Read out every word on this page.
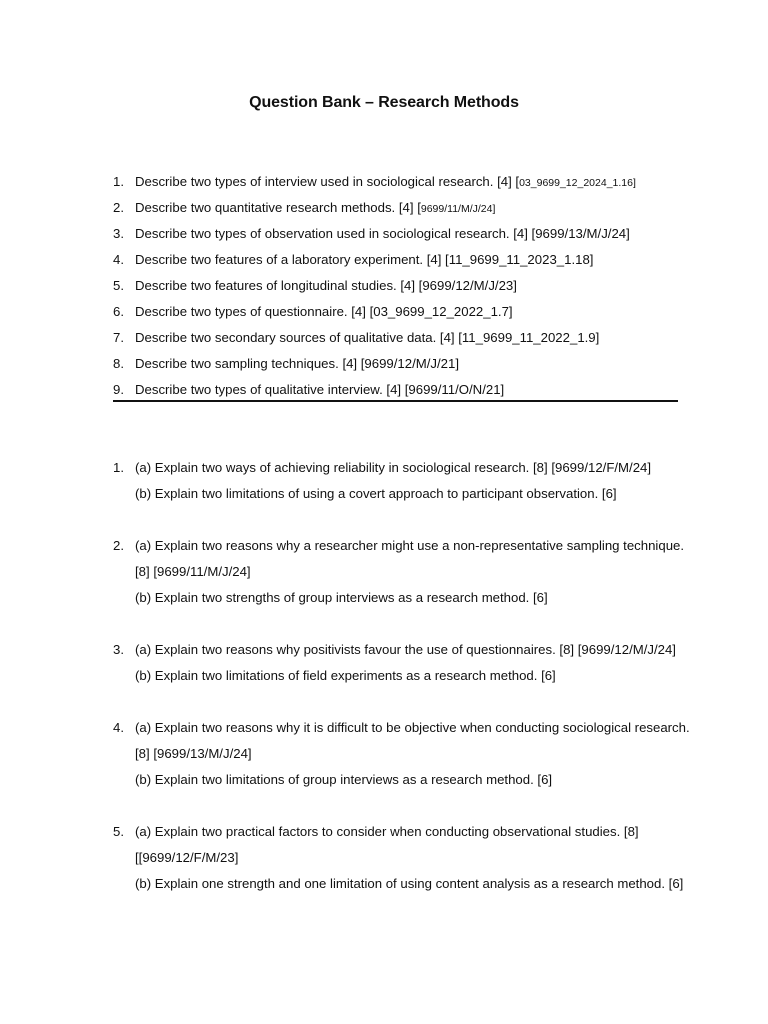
Question Bank – Research Methods
1. Describe two types of interview used in sociological research. [4] [03_9699_12_2024_1.16]
2. Describe two quantitative research methods. [4] [9699/11/M/J/24]
3. Describe two types of observation used in sociological research. [4] [9699/13/M/J/24]
4. Describe two features of a laboratory experiment. [4] [11_9699_11_2023_1.18]
5. Describe two features of longitudinal studies. [4] [9699/12/M/J/23]
6. Describe two types of questionnaire. [4] [03_9699_12_2022_1.7]
7. Describe two secondary sources of qualitative data. [4] [11_9699_11_2022_1.9]
8. Describe two sampling techniques. [4] [9699/12/M/J/21]
9. Describe two types of qualitative interview. [4] [9699/11/O/N/21]
1. (a) Explain two ways of achieving reliability in sociological research. [8] [9699/12/F/M/24]
(b) Explain two limitations of using a covert approach to participant observation. [6]
2. (a) Explain two reasons why a researcher might use a non-representative sampling technique.
[8] [9699/11/M/J/24]
(b) Explain two strengths of group interviews as a research method. [6]
3. (a) Explain two reasons why positivists favour the use of questionnaires. [8] [9699/12/M/J/24]
(b) Explain two limitations of field experiments as a research method. [6]
4. (a) Explain two reasons why it is difficult to be objective when conducting sociological research.
[8] [9699/13/M/J/24]
(b) Explain two limitations of group interviews as a research method. [6]
5. (a) Explain two practical factors to consider when conducting observational studies. [8]
[[9699/12/F/M/23]
(b) Explain one strength and one limitation of using content analysis as a research method. [6]
